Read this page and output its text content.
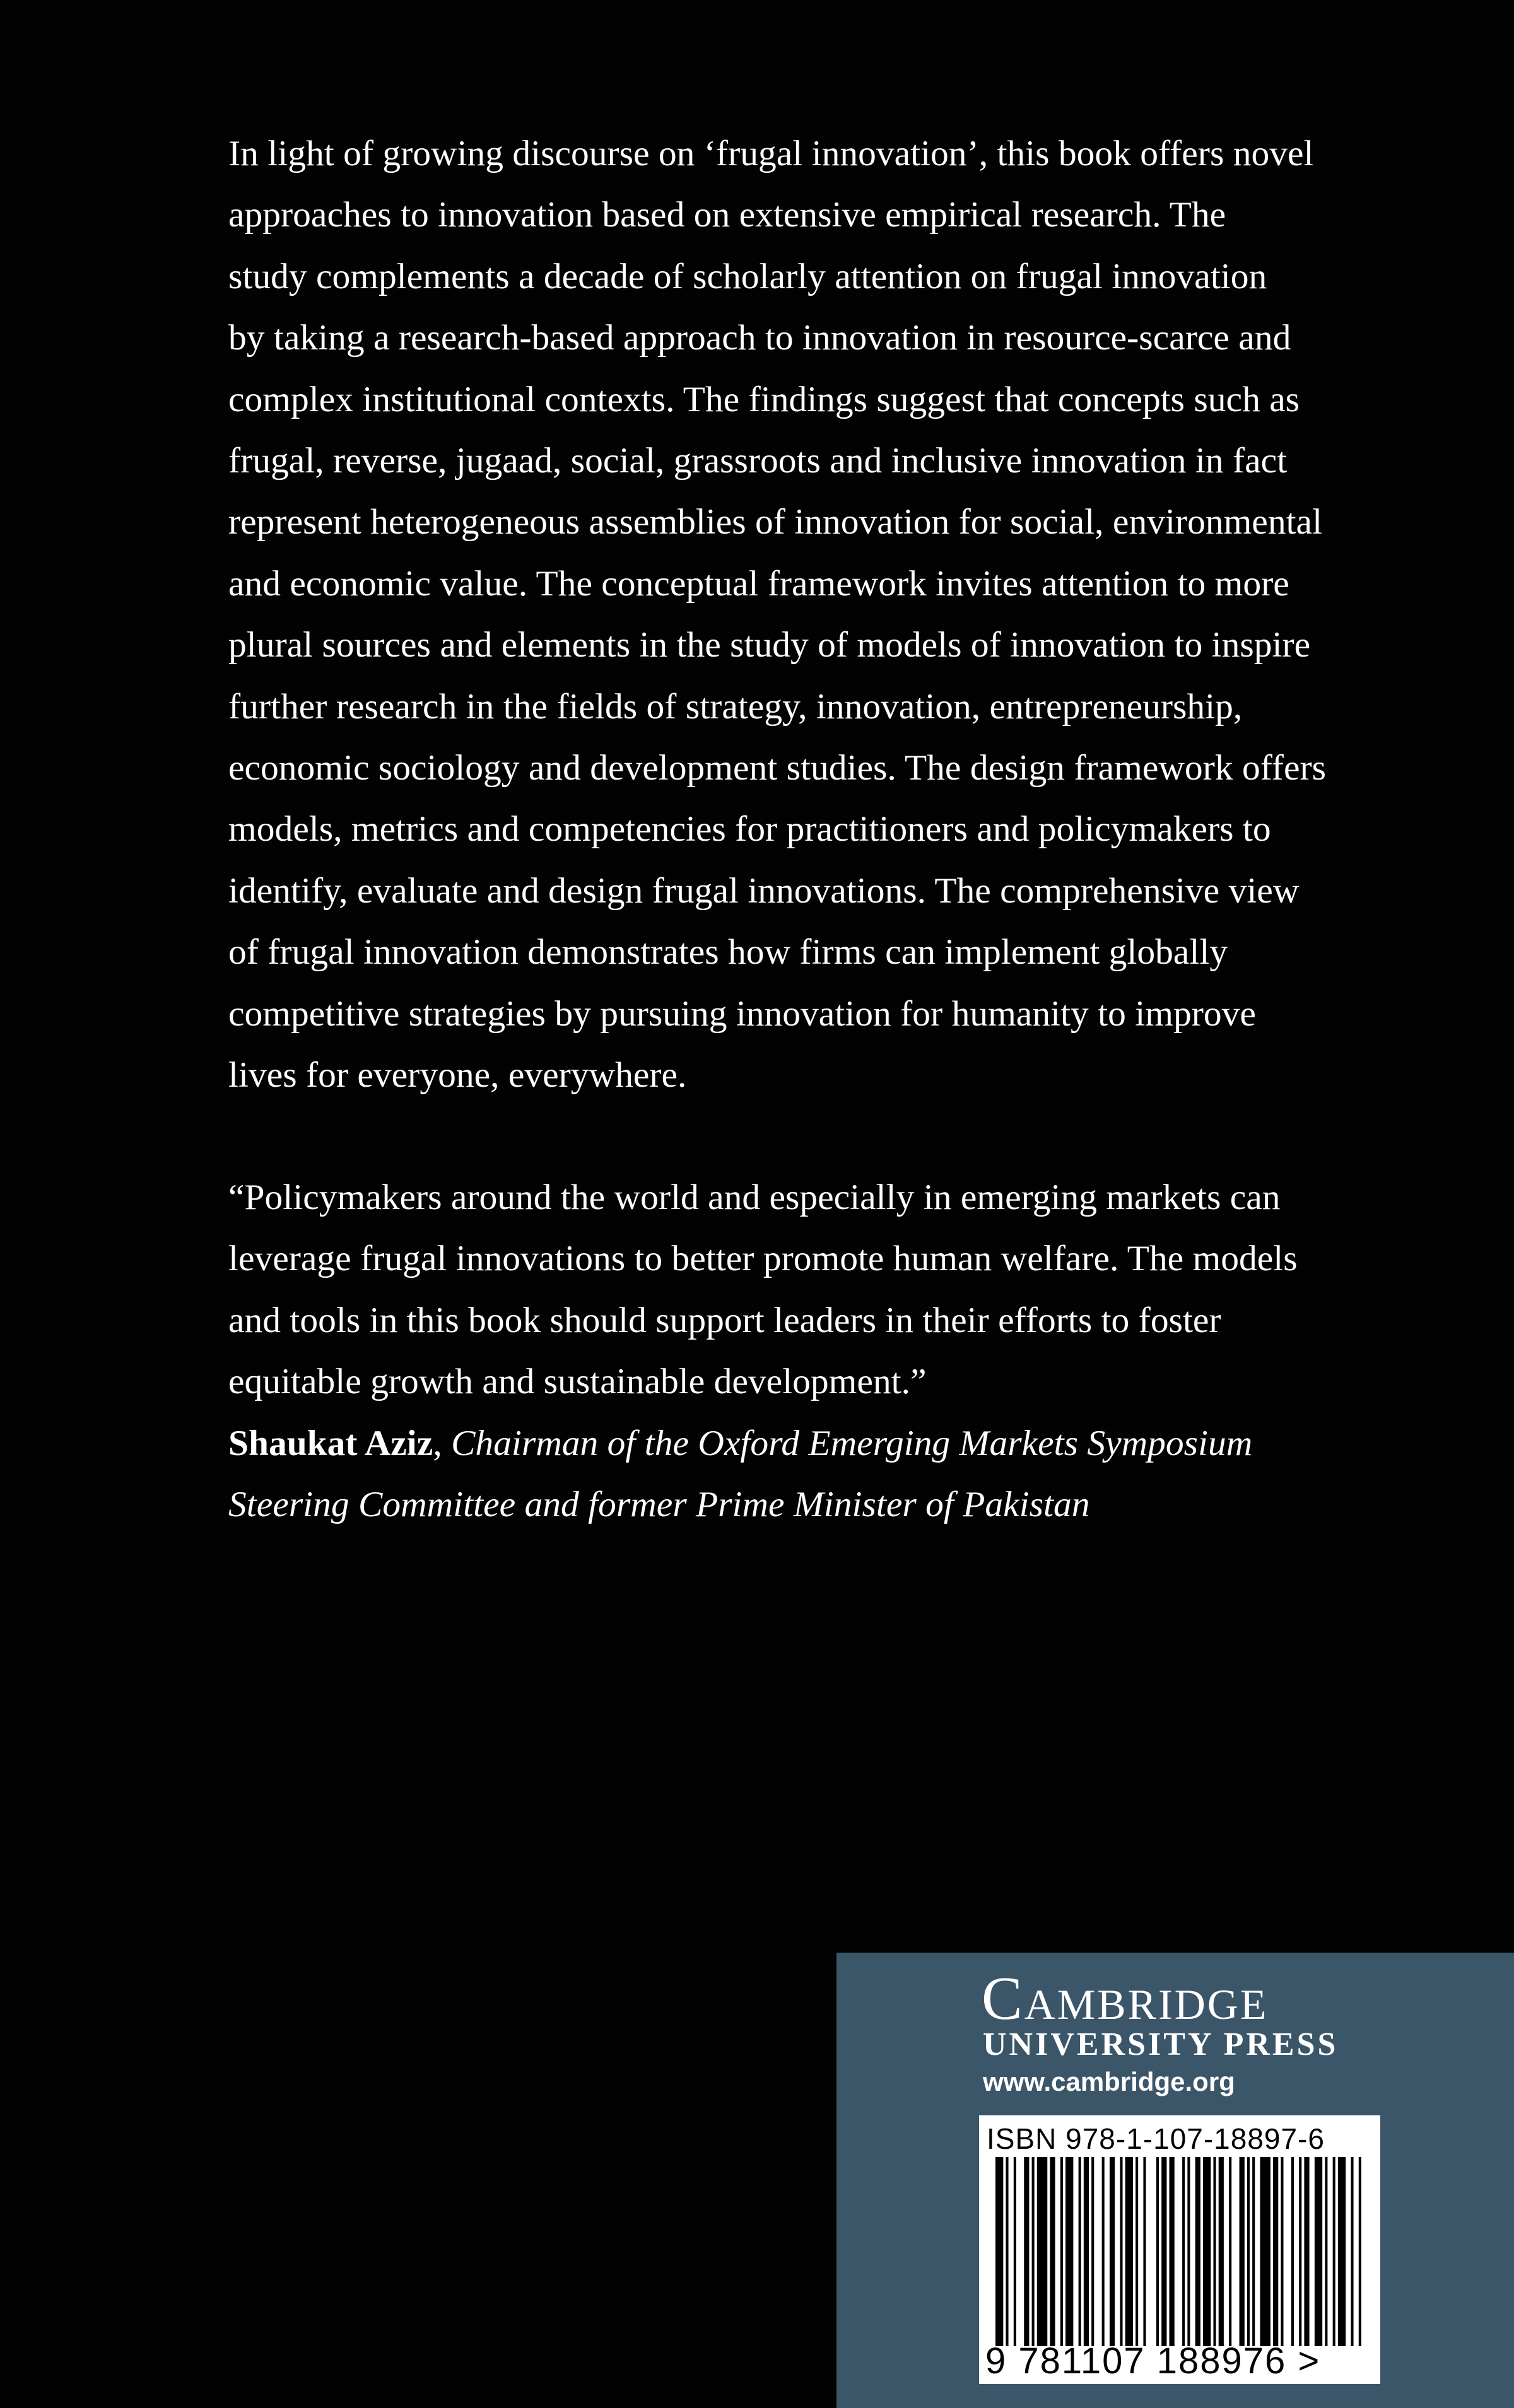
In light of growing discourse on ‘frugal innovation’, this book offers novel

approaches to innovation based on extensive empirical research. The

study complements a decade of scholarly attention on frugal innovation

by taking a research-based approach to innovation in resource-scarce and

complex institutional contexts. The findings suggest that concepts such as

frugal, reverse, jugaad, social, grassroots and inclusive innovation in fact

represent heterogeneous assemblies of innovation for social, environmental

and economic value. The conceptual framework invites attention to more

plural sources and elements in the study of models of innovation to inspire

further research in the fields of strategy, innovation, entrepreneurship,

economic sociology and development studies. The design framework offers

models, metrics and competencies for practitioners and policymakers to

identify, evaluate and design frugal innovations. The comprehensive view

of frugal innovation demonstrates how firms can implement globally

competitive strategies by pursuing innovation for humanity to improve

lives for everyone, everywhere.

“Policymakers around the world and especially in emerging markets can

leverage frugal innovations to better promote human welfare. The models

and tools in this book should support leaders in their efforts to foster

equitable growth and sustainable development.”

Shaukat Aziz, Chairman of the Oxford Emerging Markets Symposium

Steering Committee and former Prime Minister of Pakistan

Cambridge
UNIVERSITY PRESS
www.cambridge.org
ISBN 978-1-107-18897-6
9 781107 188976 >
